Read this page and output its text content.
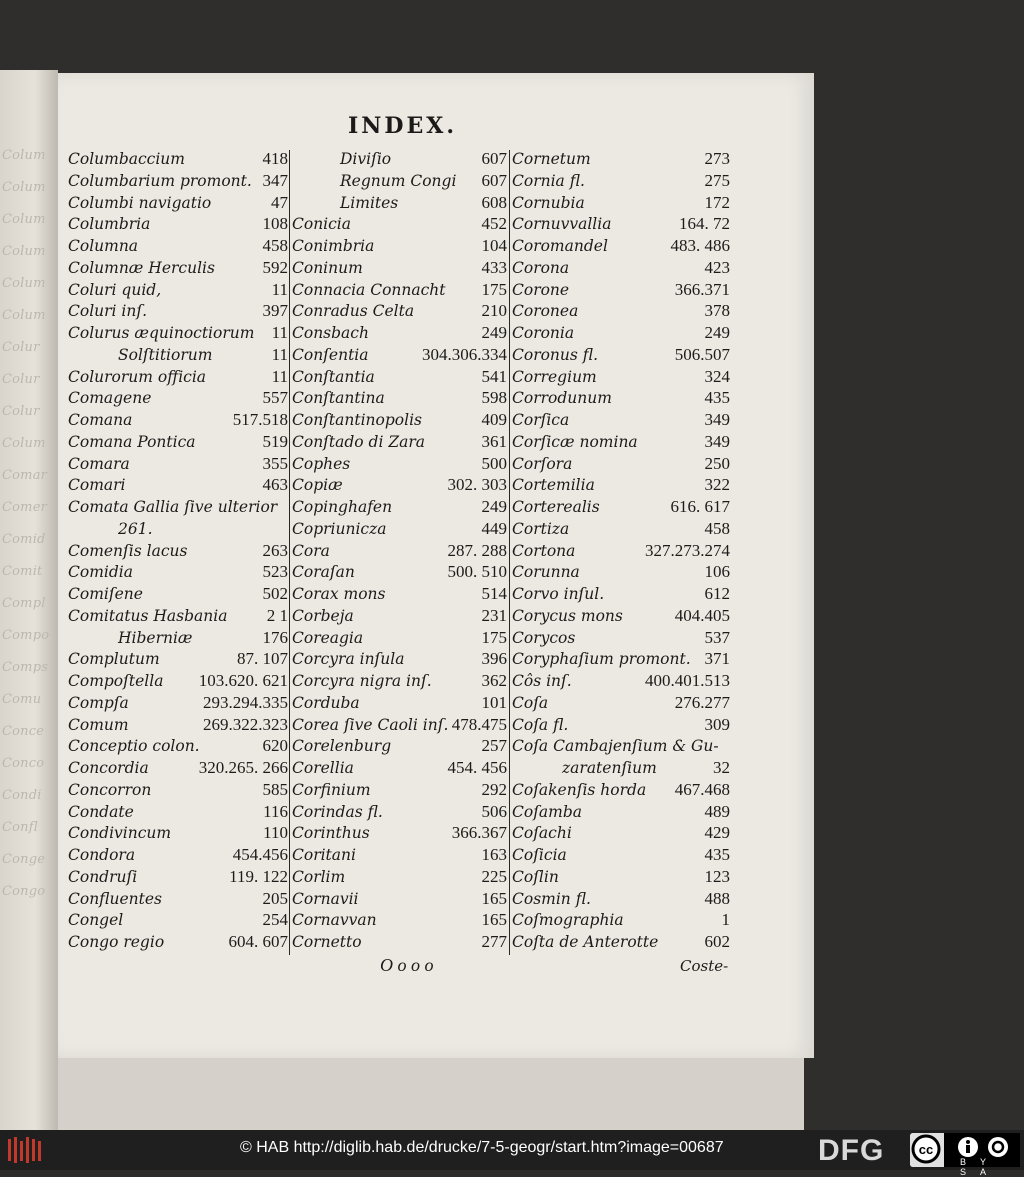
Colum
Colum
Colum
Colum
Colum
Colum
Colur
Colur
Colur
Colum
Comar
Comer
Comid
Comit
Compl
Compo
Comps
Comu
Conce
Conco
Condi
Confl
Conge
Congo
INDEX.
Columbaccium	418
Columbarium promont. 347
Columbi navigatio	47
Columbria	108
Columna	458
Columnæ Herculis	592
Coluri quid,	11
Coluri inſ.	397
Colurus æquinoctiorum 11
Solſtitiorum	11
Colurorum officia	11
Comagene	557
Comana	517.518
Comana Pontica	519
Comara	355
Comari	463
Comata Gallia ſive ulterior
261.
Comenſis lacus	263
Comidia	523
Comiſene	502
Comitatus Hasbania 2 1
Hiberniæ	176
Complutum	87. 107
Compoſtella 103.620. 621
Compſa	293.294.335
Comum	269.322.323
Conceptio colon.	620
Concordia	320.265. 266
Concorron	585
Condate	116
Condivincum	110
Condora	454.456
Condruſi	119. 122
Confluentes	205
Congel	254
Congo regio	604. 607
Diviſio	607
Regnum Congi 607
Limites	608
Conicia	452
Conimbria	104
Coninum	433
Connacia Connacht 175
Conradus Celta	210
Consbach	249
Conſentia	304.306.334
Conſtantia	541
Conſtantina	598
Conſtantinopolis	409
Conſtado di Zara	361
Cophes	500
Copiæ	302. 303
Copinghafen	249
Copriunicza	449
Cora	287. 288
Coraſan	500. 510
Corax mons	514
Corbeja	231
Coreagia	175
Corcyra inſula	396
Corcyra nigra inſ.	362
Corduba	101
Corea ſive Caoli inſ. 478.475
Corelenburg	257
Corellia	454. 456
Corfinium	292
Corindas fl.	506
Corinthus	366.367
Coritani	163
Corlim	225
Cornavii	165
Cornavvan	165
Cornetto	277
Cornetum	273
Cornia fl.	275
Cornubia	172
Cornuvvallia	164. 72
Coromandel	483. 486
Corona	423
Corone	366.371
Coronea	378
Coronia	249
Coronus fl.	506.507
Corregium	324
Corrodunum	435
Corſica	349
Corſicæ nomina	349
Corſora	250
Cortemilia	322
Corterealis	616. 617
Cortiza	458
Cortona	327.273.274
Corunna	106
Corvo inſul.	612
Corycus mons	404.405
Corycos	537
Coryphaſium promont. 371
Côs inſ.	400.401.513
Coſa	276.277
Coſa fl.	309
Coſa Cambajenſium & Gu-
zaratenſium	32
Coſakenſis horda 467.468
Coſamba	489
Coſachi	429
Coſicia	435
Coſlin	123
Cosmin fl.	488
Coſmographia	1
Coſta de Anterotte	602
O o o o	Coste-
© HAB http://diglib.hab.de/drucke/7-5-geogr/start.htm?image=00687	DFG	cc
BY SA
